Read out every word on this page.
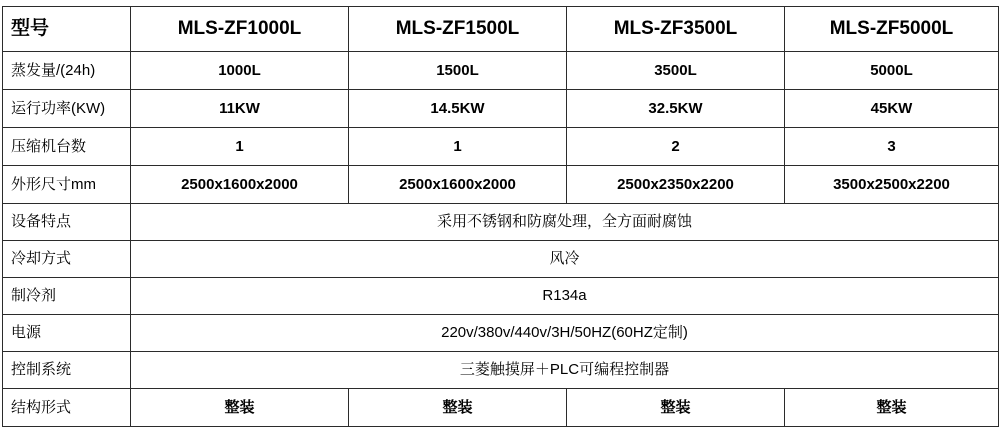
型号	MLS-ZF1000L	MLS-ZF1500L	MLS-ZF3500L	MLS-ZF5000L
蒸发量/(24h)	1000L	1500L	3500L	5000L
运行功率(KW)	11KW	14.5KW	32.5KW	45KW
压缩机台数	1	1	2	3
外形尺寸mm	2500x1600x2000	2500x1600x2000	2500x2350x2200	3500x2500x2200
设备特点	采用不锈钢和防腐处理，全方面耐腐蚀			
冷却方式	风冷			
制冷剂	R134a			
电源	220v/380v/440v/3H/50HZ(60HZ定制)			
控制系统	三菱触摸屏＋PLC可编程控制器			
结构形式	整装	整装	整装	整装
